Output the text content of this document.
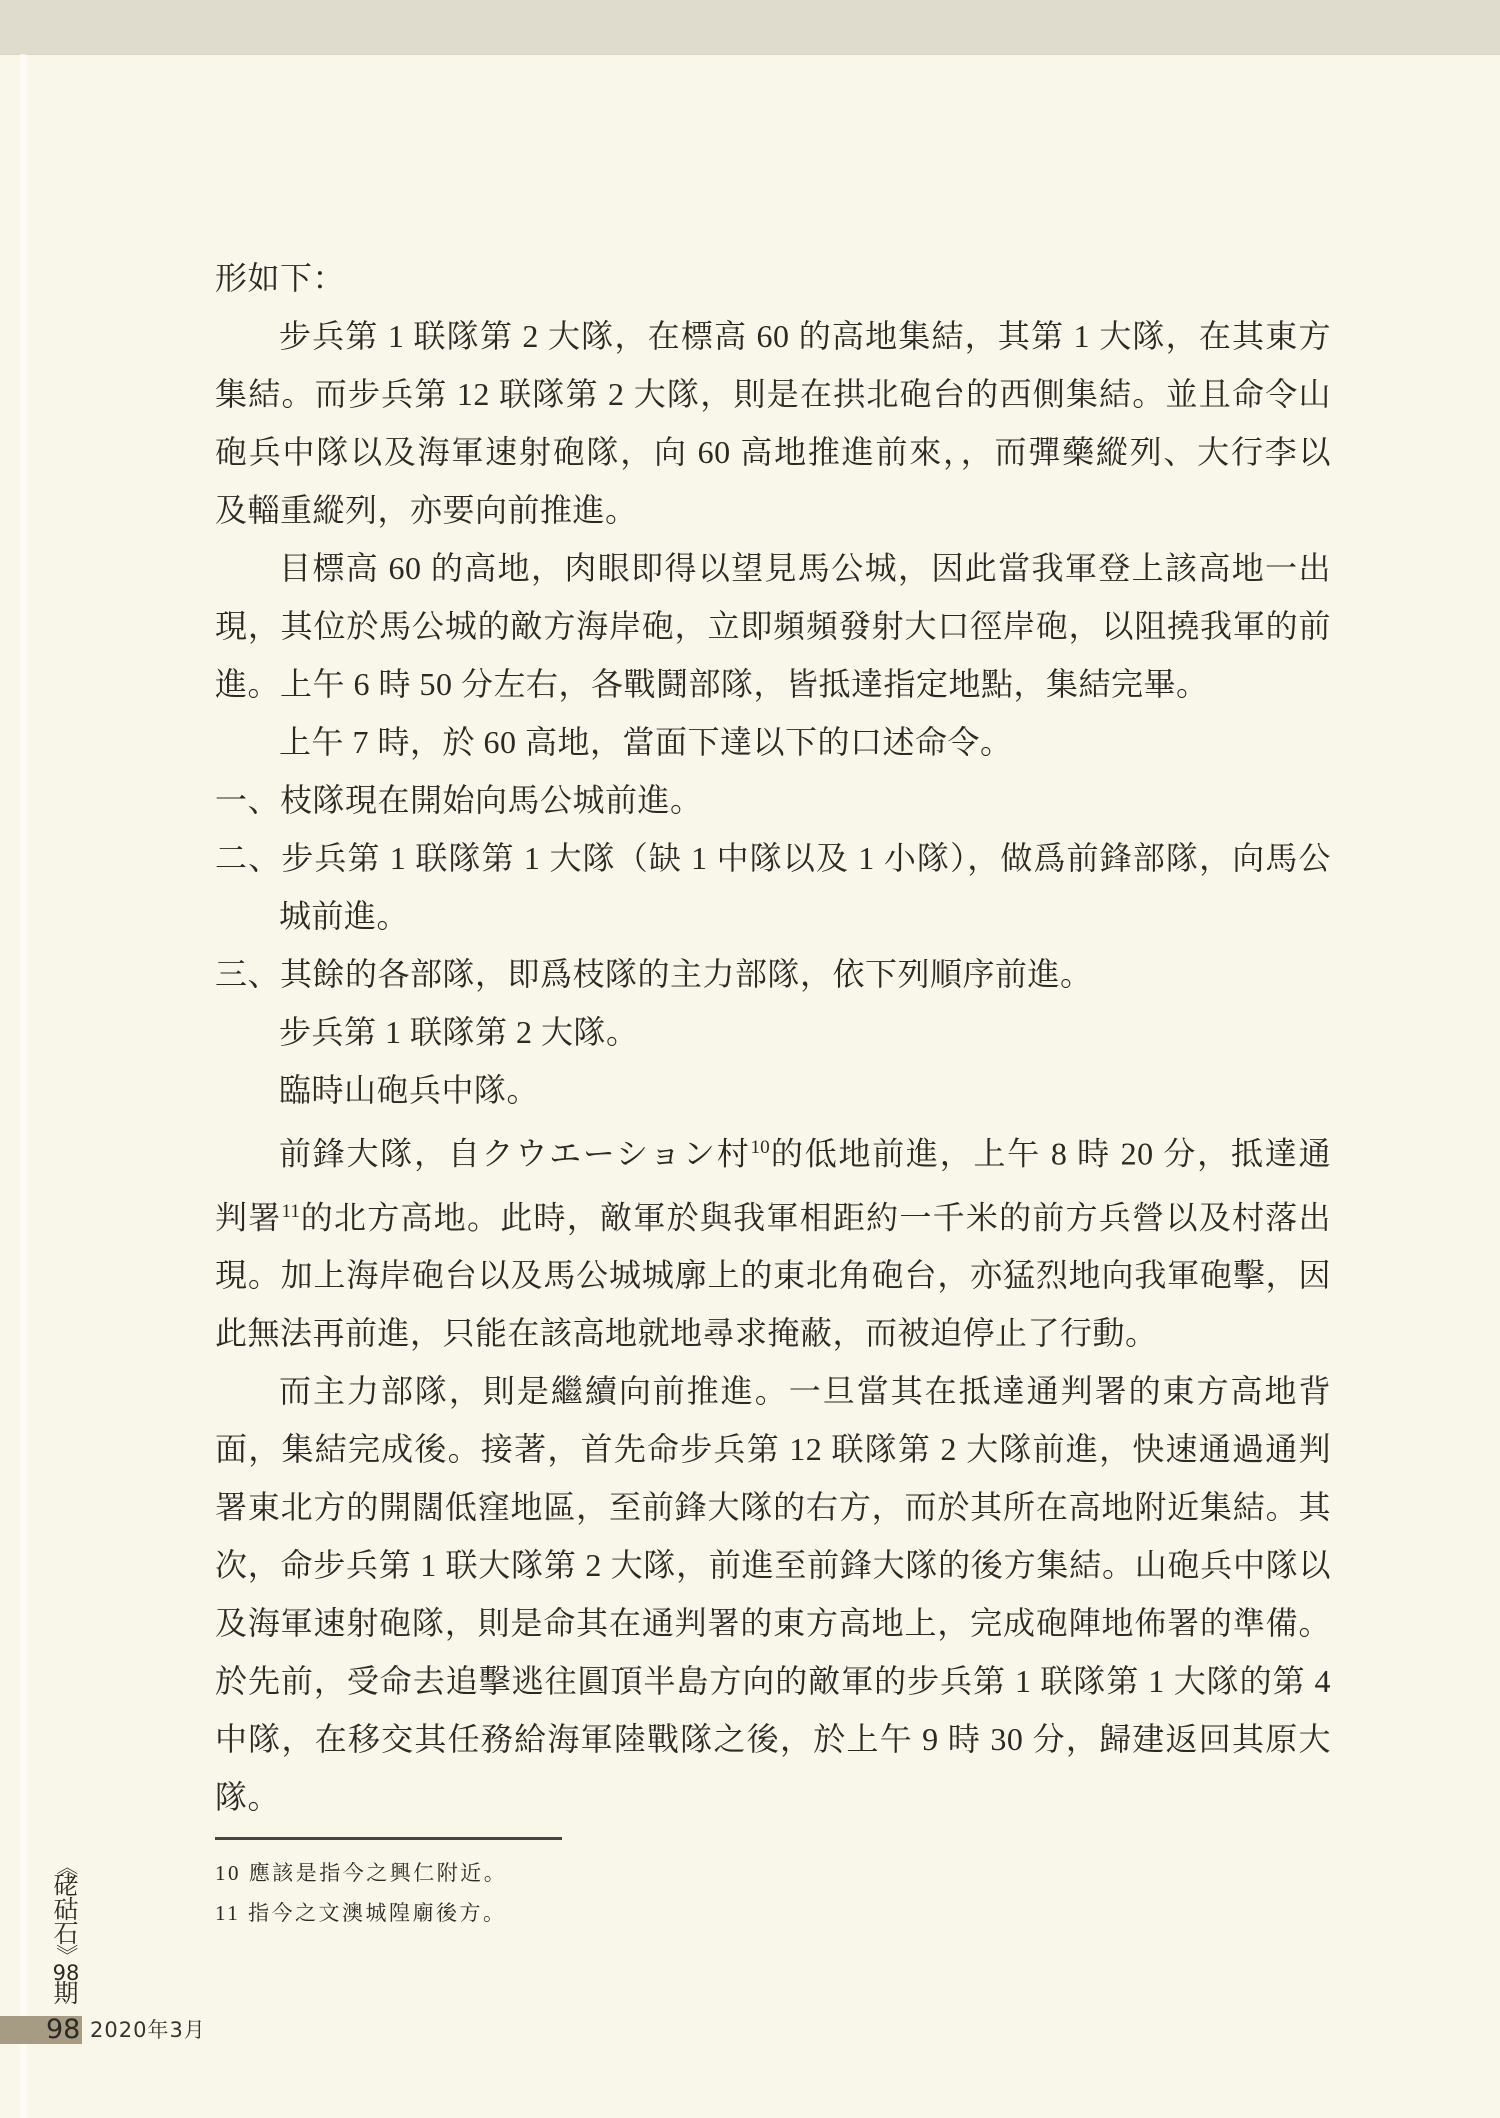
形如下：
步兵第 1 联隊第 2 大隊，在標高 60 的高地集結，其第 1 大隊，在其東方
集結。而步兵第 12 联隊第 2 大隊，則是在拱北砲台的西側集結。並且命令山
砲兵中隊以及海軍速射砲隊，向 60 高地推進前來，，而彈藥縱列、大行李以
及輜重縱列，亦要向前推進。
目標高 60 的高地，肉眼即得以望見馬公城，因此當我軍登上該高地一出
現，其位於馬公城的敵方海岸砲，立即頻頻發射大口徑岸砲，以阻撓我軍的前
進。上午 6 時 50 分左右，各戰鬪部隊，皆抵達指定地點，集結完畢。
上午 7 時，於 60 高地，當面下達以下的口述命令。
一、枝隊現在開始向馬公城前進。
二、步兵第 1 联隊第 1 大隊（缺 1 中隊以及 1 小隊），做爲前鋒部隊，向馬公
城前進。
三、其餘的各部隊，即爲枝隊的主力部隊，依下列順序前進。
步兵第 1 联隊第 2 大隊。
臨時山砲兵中隊。
前鋒大隊，自クウエーション村$^{10}$的低地前進，上午 8 時 20 分，抵達通
判署$^{11}$的北方高地。此時，敵軍於與我軍相距約一千米的前方兵營以及村落出
現。加上海岸砲台以及馬公城城廓上的東北角砲台，亦猛烈地向我軍砲擊，因
此無法再前進，只能在該高地就地尋求掩蔽，而被迫停止了行動。
而主力部隊，則是繼續向前推進。一旦當其在抵達通判署的東方高地背
面，集結完成後。接著，首先命步兵第 12 联隊第 2 大隊前進，快速通過通判
署東北方的開闊低窪地區，至前鋒大隊的右方，而於其所在高地附近集結。其
次，命步兵第 1 联大隊第 2 大隊，前進至前鋒大隊的後方集結。山砲兵中隊以
及海軍速射砲隊，則是命其在通判署的東方高地上，完成砲陣地佈署的準備。
於先前，受命去追擊逃往圓頂半島方向的敵軍的步兵第 1 联隊第 1 大隊的第 4
中隊，在移交其任務給海軍陸戰隊之後，於上午 9 時 30 分，歸建返回其原大
隊。
10 應該是指今之興仁附近。
11 指今之文澳城隍廟後方。
《
硓
𥑮
石
》
98
期
98 2020年3月
